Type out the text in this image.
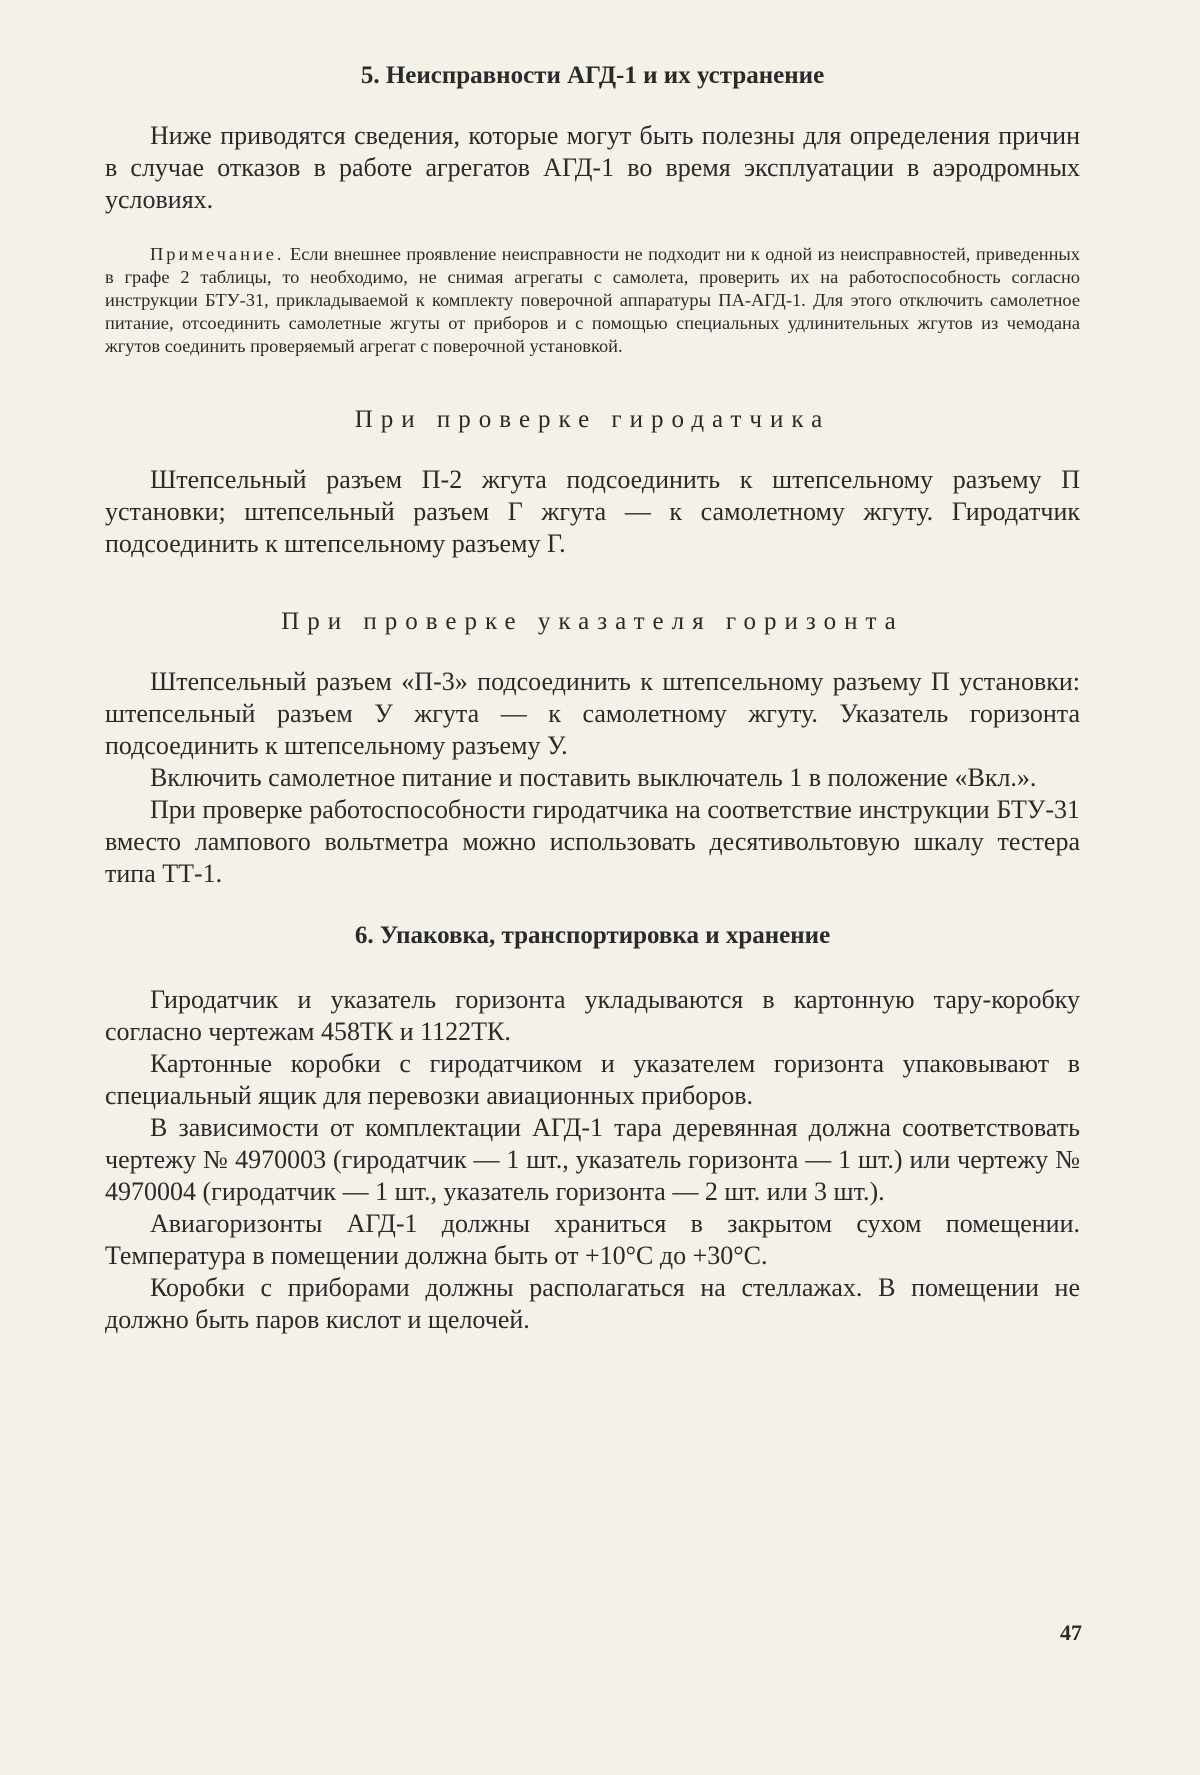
5. Неисправности АГД-1 и их устранение

Ниже приводятся сведения, которые могут быть полезны для определения причин в случае отказов в работе агрегатов АГД-1 во время эксплуатации в аэродромных условиях.

Примечание. Если внешнее проявление неисправности не подходит ни к одной из неисправностей, приведенных в графе 2 таблицы, то необходимо, не снимая агрегаты с самолета, проверить их на работоспособность согласно инструкции БТУ-31, прикладываемой к комплекту поверочной аппаратуры ПА-АГД-1. Для этого отключить самолетное питание, отсоединить самолетные жгуты от приборов и с помощью специальных удлинительных жгутов из чемодана жгутов соединить проверяемый агрегат с поверочной установкой.

При проверке гиродатчика

Штепсельный разъем П-2 жгута подсоединить к штепсельному разъему П установки; штепсельный разъем Г жгута — к самолетному жгуту. Гиродатчик подсоединить к штепсельному разъему Г.

При проверке указателя горизонта

Штепсельный разъем «П-3» подсоединить к штепсельному разъему П установки: штепсельный разъем У жгута — к самолетному жгуту. Указатель горизонта подсоединить к штепсельному разъему У.

Включить самолетное питание и поставить выключатель 1 в положение «Вкл.».

При проверке работоспособности гиродатчика на соответствие инструкции БТУ-31 вместо лампового вольтметра можно использовать десятивольтовую шкалу тестера типа ТТ-1.

6. Упаковка, транспортировка и хранение

Гиродатчик и указатель горизонта укладываются в картонную тару-коробку согласно чертежам 458ТК и 1122ТК.

Картонные коробки с гиродатчиком и указателем горизонта упаковывают в специальный ящик для перевозки авиационных приборов.

В зависимости от комплектации АГД-1 тара деревянная должна соответствовать чертежу № 4970003 (гиродатчик — 1 шт., указатель горизонта — 1 шт.) или чертежу № 4970004 (гиродатчик — 1 шт., указатель горизонта — 2 шт. или 3 шт.).

Авиагоризонты АГД-1 должны храниться в закрытом сухом помещении. Температура в помещении должна быть от +10°С до +30°С.

Коробки с приборами должны располагаться на стеллажах. В помещении не должно быть паров кислот и щелочей.

47
